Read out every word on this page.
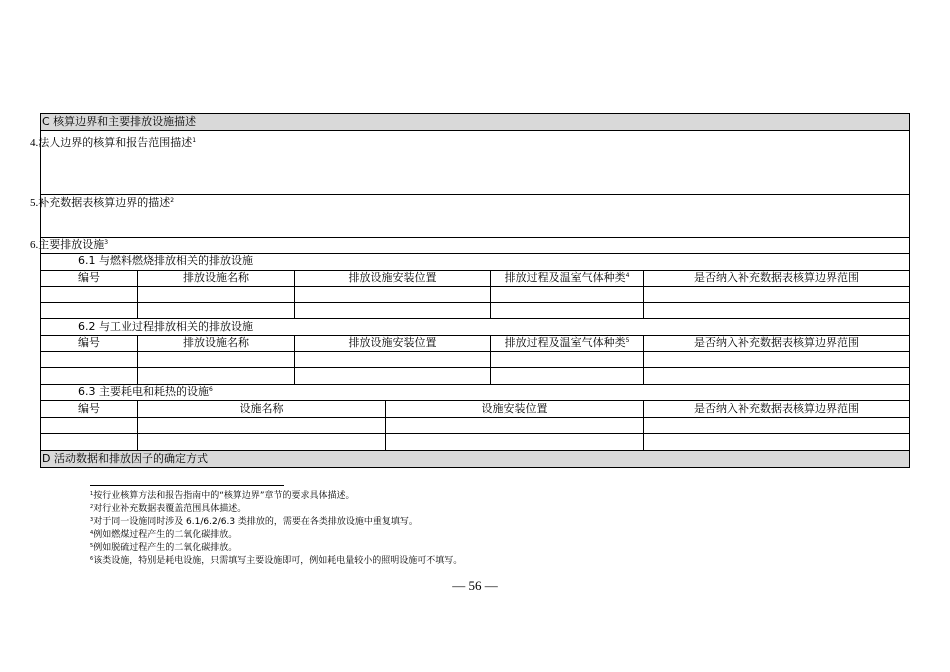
C 核算边界和主要排放设施描述
4.法人边界的核算和报告范围描述$^1$
5.补充数据表核算边界的描述$^2$
6.主要排放设施$^3$
6.1 与燃料燃烧排放相关的排放设施
编号	排放设施名称	排放设施安装位置	排放过程及温室气体种类$^4$	是否纳入补充数据表核算边界范围
6.2 与工业过程排放相关的排放设施
编号	排放设施名称	排放设施安装位置	排放过程及温室气体种类$^5$	是否纳入补充数据表核算边界范围
6.3 主要耗电和耗热的设施$^6$
编号	设施名称	设施安装位置	是否纳入补充数据表核算边界范围
D 活动数据和排放因子的确定方式
$^1$按行业核算方法和报告指南中的“核算边界”章节的要求具体描述。
$^2$对行业补充数据表覆盖范围具体描述。
$^3$对于同一设施同时涉及 6.1/6.2/6.3 类排放的，需要在各类排放设施中重复填写。
$^4$例如燃煤过程产生的二氧化碳排放。
$^5$例如脱硫过程产生的二氧化碳排放。
$^6$该类设施，特别是耗电设施，只需填写主要设施即可，例如耗电量较小的照明设施可不填写。
— 56 —
